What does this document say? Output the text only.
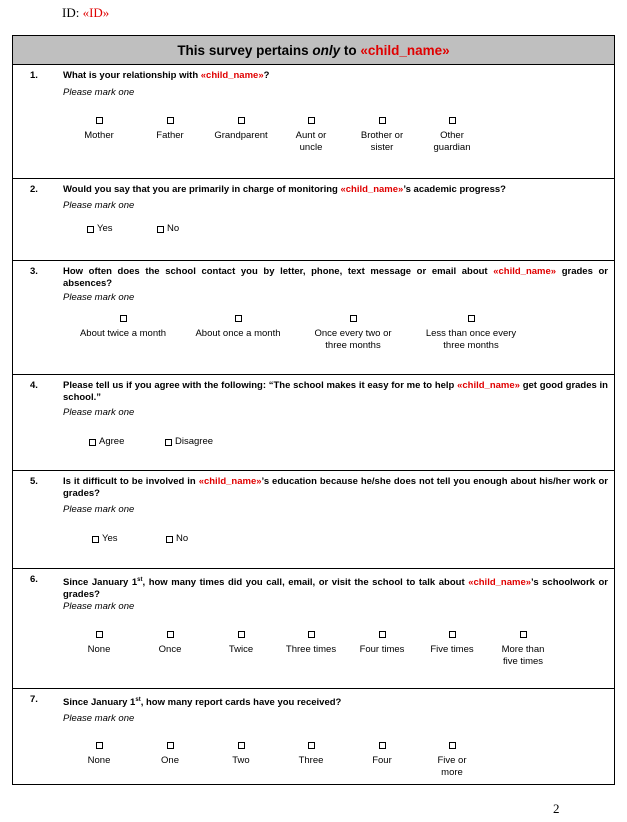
ID: «ID»
This survey pertains only to «child_name»
1.	What is your relationship with «child_name»?
Please mark one
Mother	Father	Grandparent	Aunt or uncle
Brother or sister
Other guardian
2.	Would you say that you are primarily in charge of monitoring «child_name»’s academic progress?
Please mark one
Yes	No
3.	How often does the school contact you by letter, phone, text message or email about «child_name» grades or absences?
Please mark one
About twice a month	About once a month	Once every two or three months
Less than once every three months
4.	Please tell us if you agree with the following: “The school makes it easy for me to help «child_name» get good grades in school.”
Please mark one
Agree	Disagree
5.	Is it difficult to be involved in «child_name»’s education because he/she does not tell you enough about his/her work or grades?
Please mark one
Yes	No
6.	Since January 1st, how many times did you call, email, or visit the school to talk about «child_name»’s schoolwork or grades?
Please mark one
None	Once	Twice	Three times	Four times	Five times	More than five times
7.	Since January 1st, how many report cards have you received?
Please mark one
None	One	Two	Three	Four	Five or more
2
